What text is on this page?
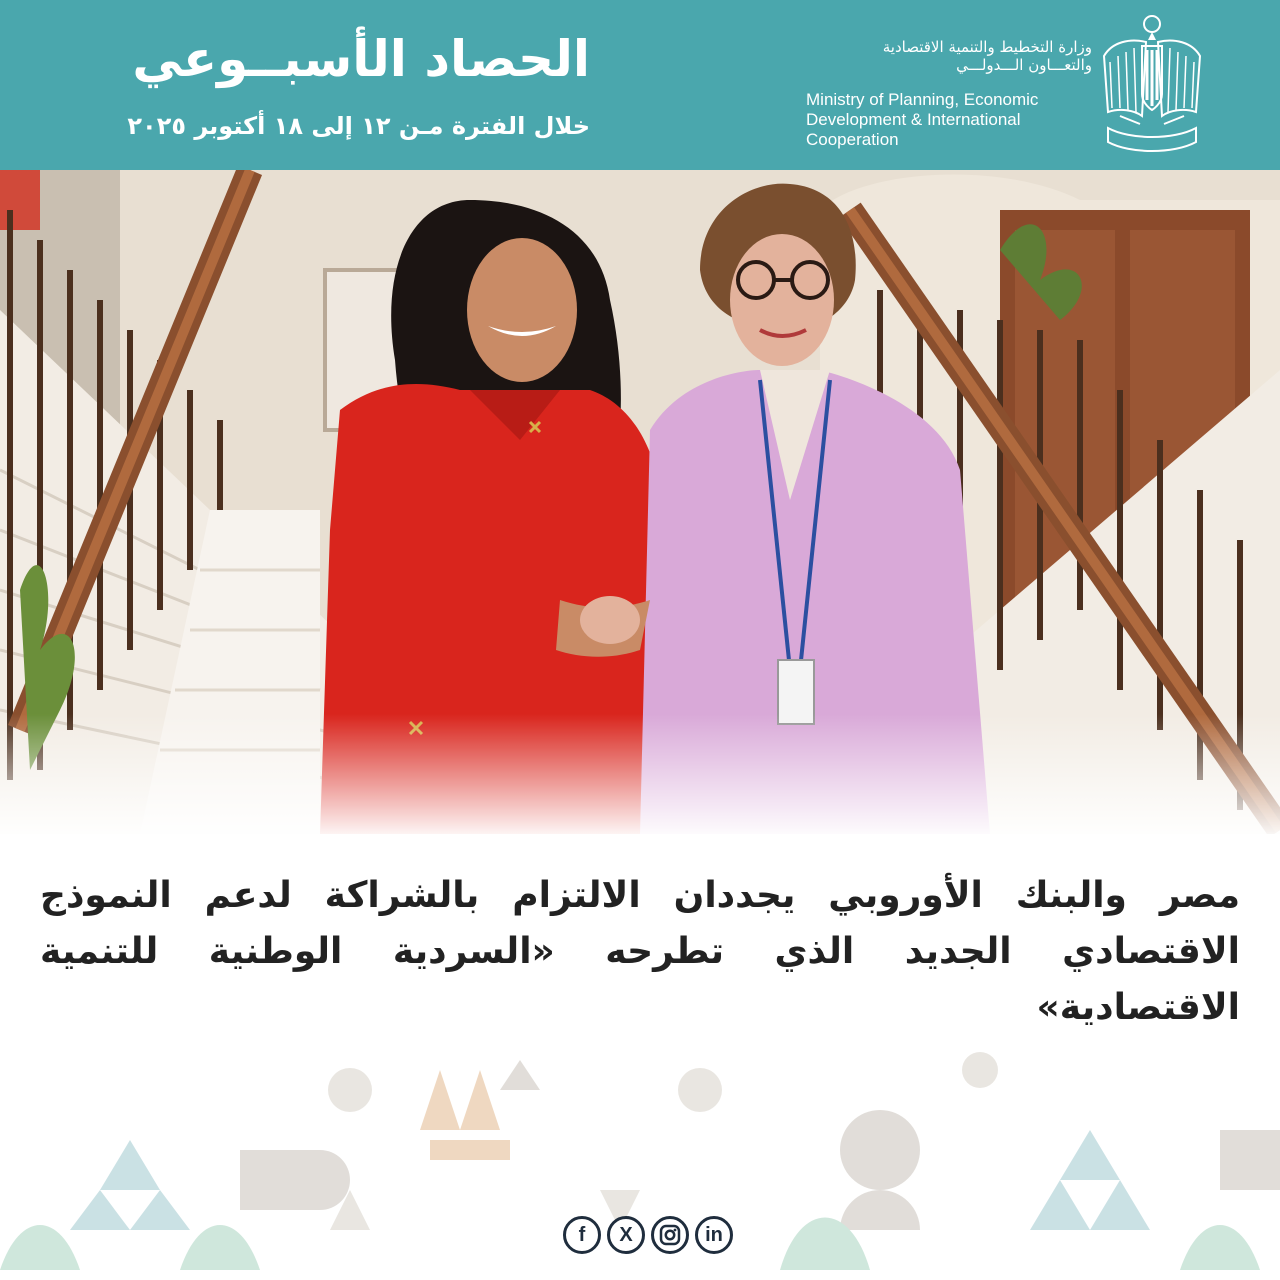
الحصاد الأسبــوعي
خلال الفترة مـن ١٢ إلى ١٨ أكتوبر ٢٠٢٥
وزارة التخطيط والتنمية الاقتصادية
والتعـــاون الـــدولـــي
Ministry of Planning, Economic
Development & International
Cooperation
مصر والبنك الأوروبي يجددان الالتزام بالشراكة لدعم النموذج الاقتصادي الجديد الذي تطرحه «السردية الوطنية للتنمية الاقتصادية»
f	X	in
